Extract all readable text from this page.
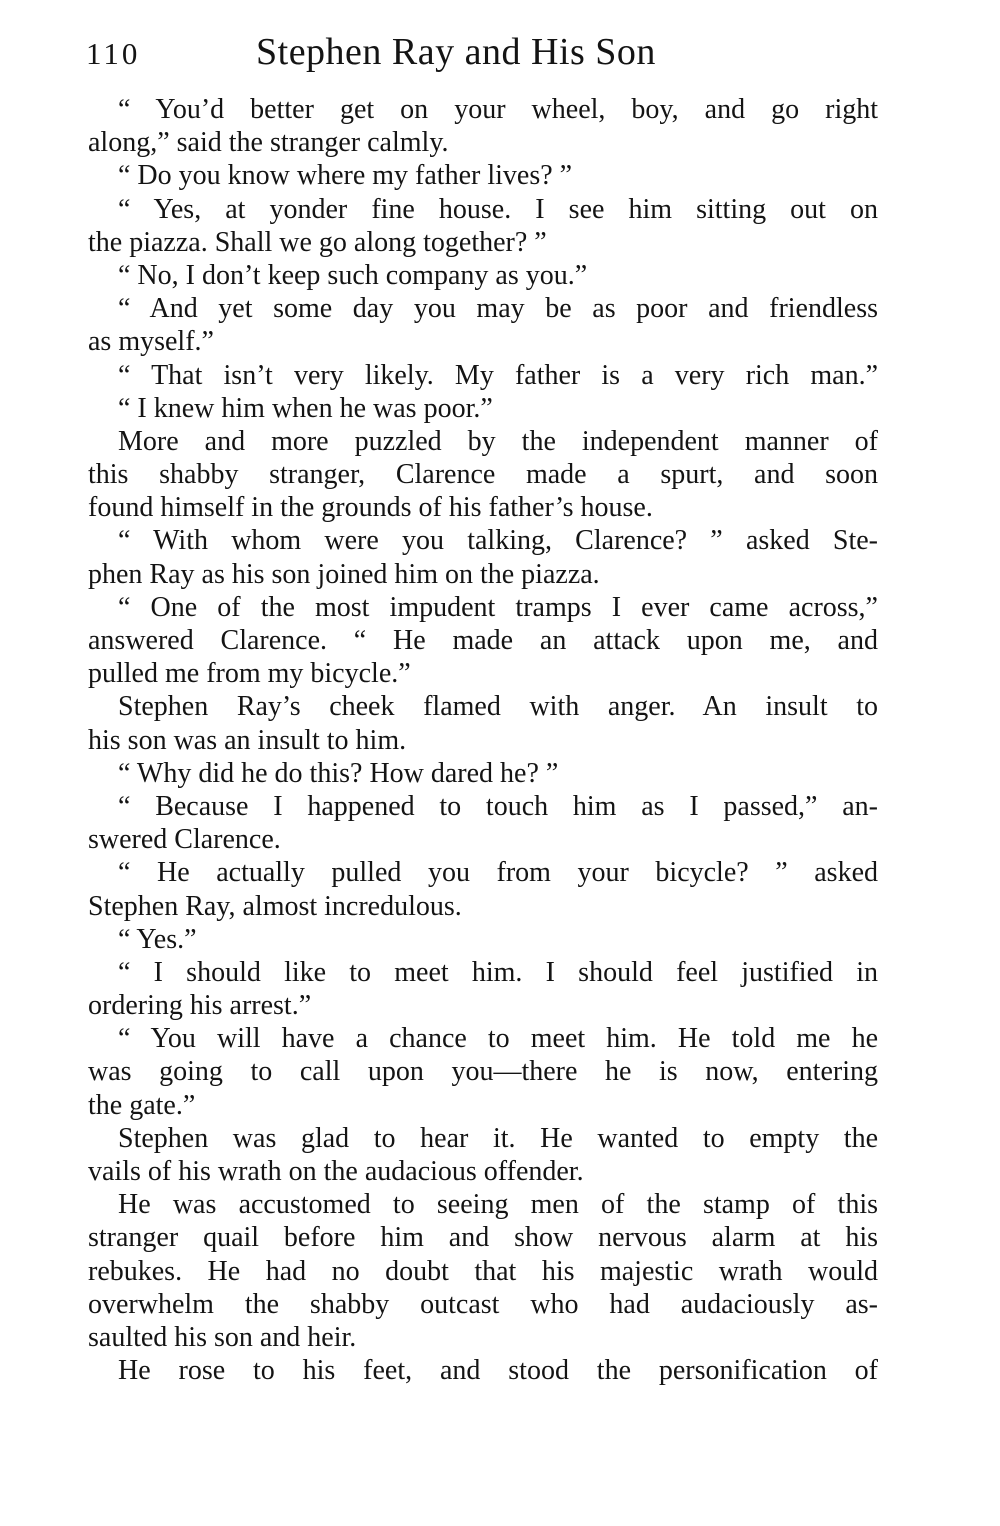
110	Stephen Ray and His Son
“ You’d better get on your wheel, boy, and go right
along,” said the stranger calmly.
“ Do you know where my father lives? ”
“ Yes, at yonder fine house. I see him sitting out on
the piazza. Shall we go along together? ”
“ No, I don’t keep such company as you.”
“ And yet some day you may be as poor and friendless
as myself.”
“ That isn’t very likely. My father is a very rich man.”
“ I knew him when he was poor.”
More and more puzzled by the independent manner of
this shabby stranger, Clarence made a spurt, and soon
found himself in the grounds of his father’s house.
“ With whom were you talking, Clarence? ” asked Ste-
phen Ray as his son joined him on the piazza.
“ One of the most impudent tramps I ever came across,”
answered Clarence. “ He made an attack upon me, and
pulled me from my bicycle.”
Stephen Ray’s cheek flamed with anger. An insult to
his son was an insult to him.
“ Why did he do this? How dared he? ”
“ Because I happened to touch him as I passed,” an-
swered Clarence.
“ He actually pulled you from your bicycle? ” asked
Stephen Ray, almost incredulous.
“ Yes.”
“ I should like to meet him. I should feel justified in
ordering his arrest.”
“ You will have a chance to meet him. He told me he
was going to call upon you—there he is now, entering
the gate.”
Stephen was glad to hear it. He wanted to empty the
vails of his wrath on the audacious offender.
He was accustomed to seeing men of the stamp of this
stranger quail before him and show nervous alarm at his
rebukes. He had no doubt that his majestic wrath would
overwhelm the shabby outcast who had audaciously as-
saulted his son and heir.
He rose to his feet, and stood the personification of
